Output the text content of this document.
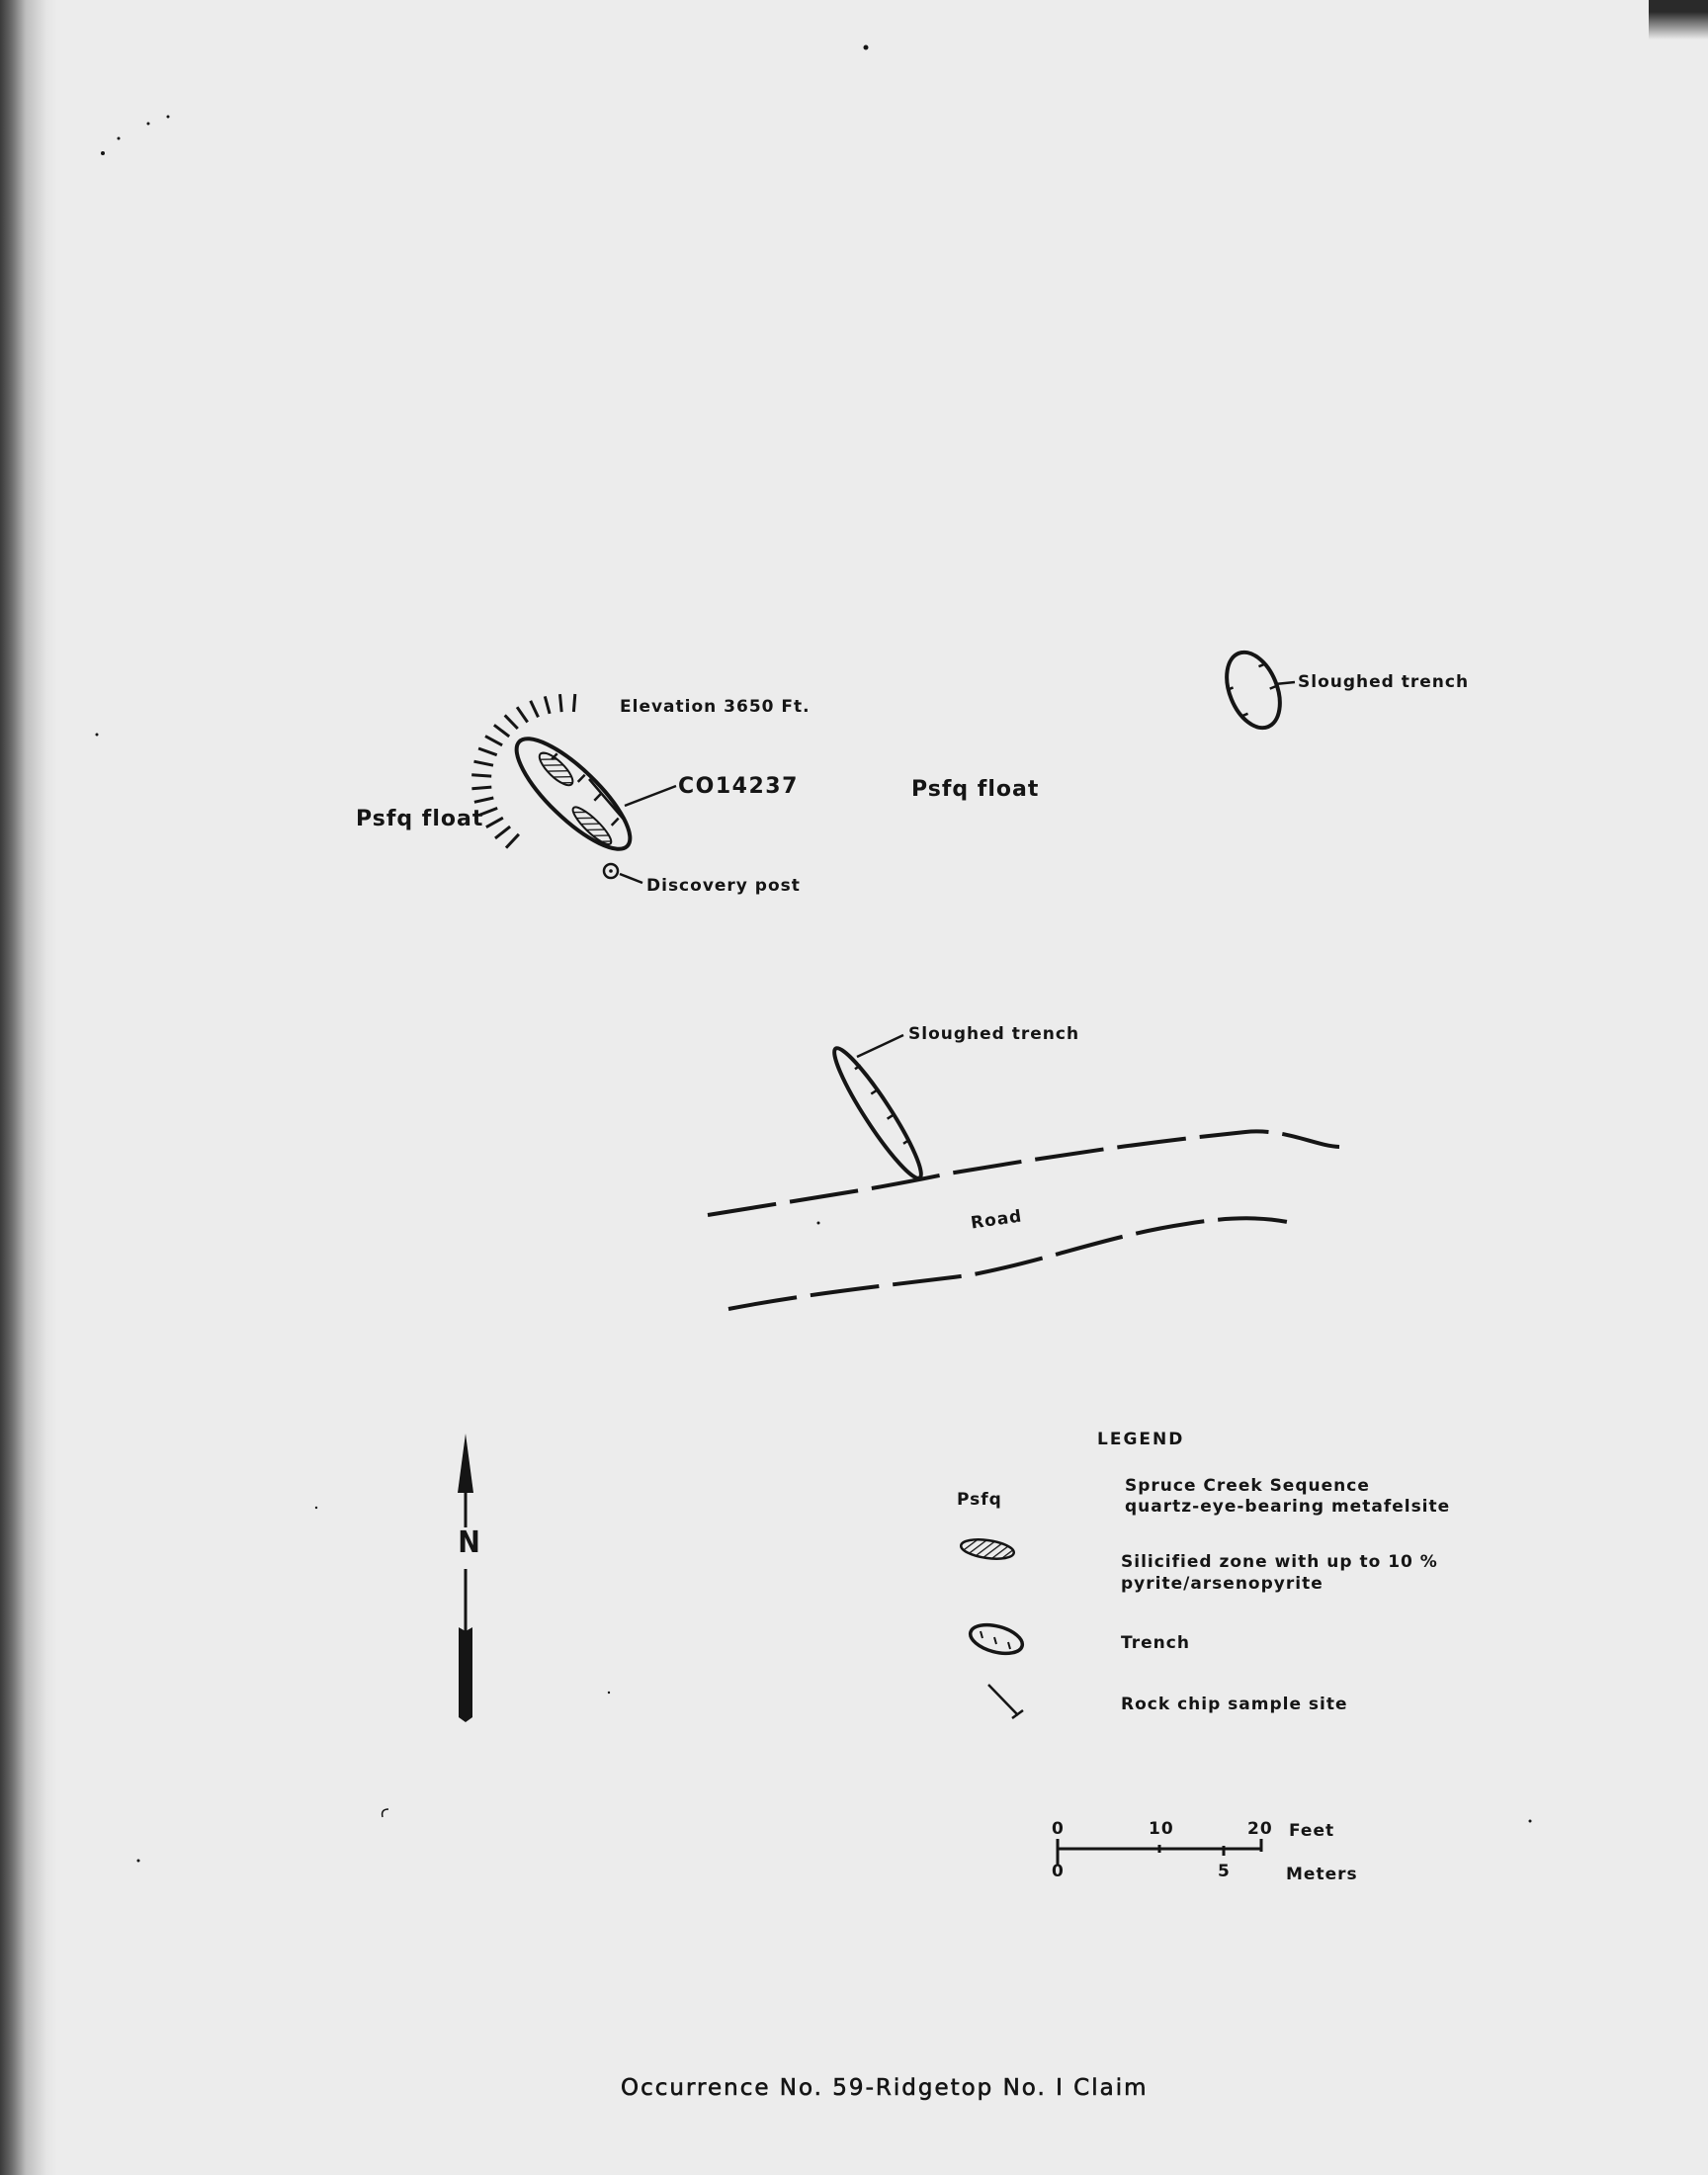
Elevation 3650 Ft.
CO14237
Psfq float
Psfq float
Discovery post
Sloughed trench
Sloughed trench
Road
N
LEGEND
Psfq
Spruce Creek Sequence
quartz-eye-bearing metafelsite
Silicified zone with up to 10 %
pyrite/arsenopyrite
Trench
Rock chip sample site
0	10	20 Feet
0	5	Meters
Occurrence No. 59-Ridgetop No. I Claim
